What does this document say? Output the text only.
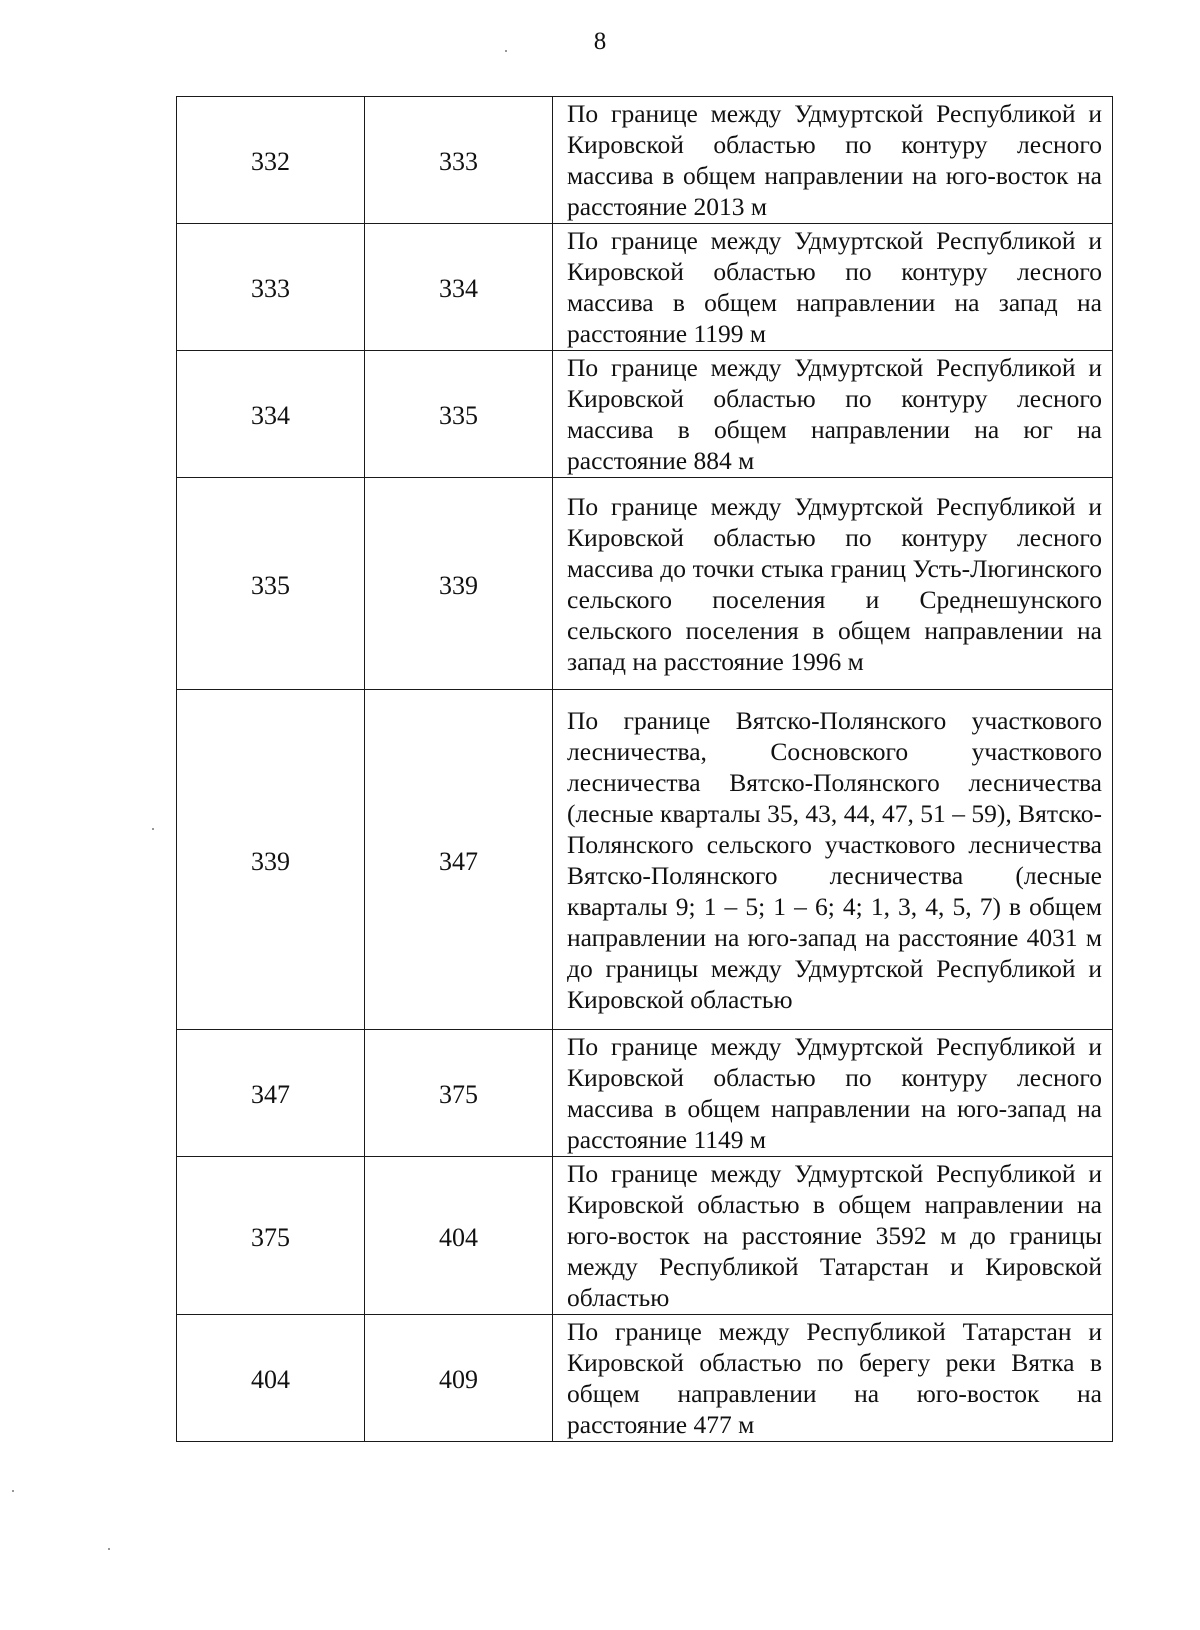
8
332	333	По границе между Удмуртской Республикой и Кировской областью по контуру лесного массива в общем направлении на юго-восток на расстояние 2013 м
333	334	По границе между Удмуртской Республикой и Кировской областью по контуру лесного массива в общем направлении на запад на расстояние 1199 м
334	335	По границе между Удмуртской Республикой и Кировской областью по контуру лесного массива в общем направлении на юг на расстояние 884 м
335	339	По границе между Удмуртской Республикой и Кировской областью по контуру лесного массива до точки стыка границ Усть-Люгинского сельского поселения и Среднешунского сельского поселения в общем направлении на запад на расстояние 1996 м
339	347	По границе Вятско-Полянского участкового лесничества, Сосновского участкового лесничества Вятско-Полянского лесничества (лесные кварталы 35, 43, 44, 47, 51 – 59), Вятско-Полянского сельского участкового лесничества Вятско-Полянского лесничества (лесные кварталы 9; 1 – 5; 1 – 6; 4; 1, 3, 4, 5, 7) в общем направлении на юго-запад на расстояние 4031 м до границы между Удмуртской Республикой и Кировской областью
347	375	По границе между Удмуртской Республикой и Кировской областью по контуру лесного массива в общем направлении на юго-запад на расстояние 1149 м
375	404	По границе между Удмуртской Республикой и Кировской областью в общем направлении на юго-восток на расстояние 3592 м до границы между Республикой Татарстан и Кировской областью
404	409	По границе между Республикой Татарстан и Кировской областью по берегу реки Вятка в общем направлении на юго-восток на расстояние 477 м
